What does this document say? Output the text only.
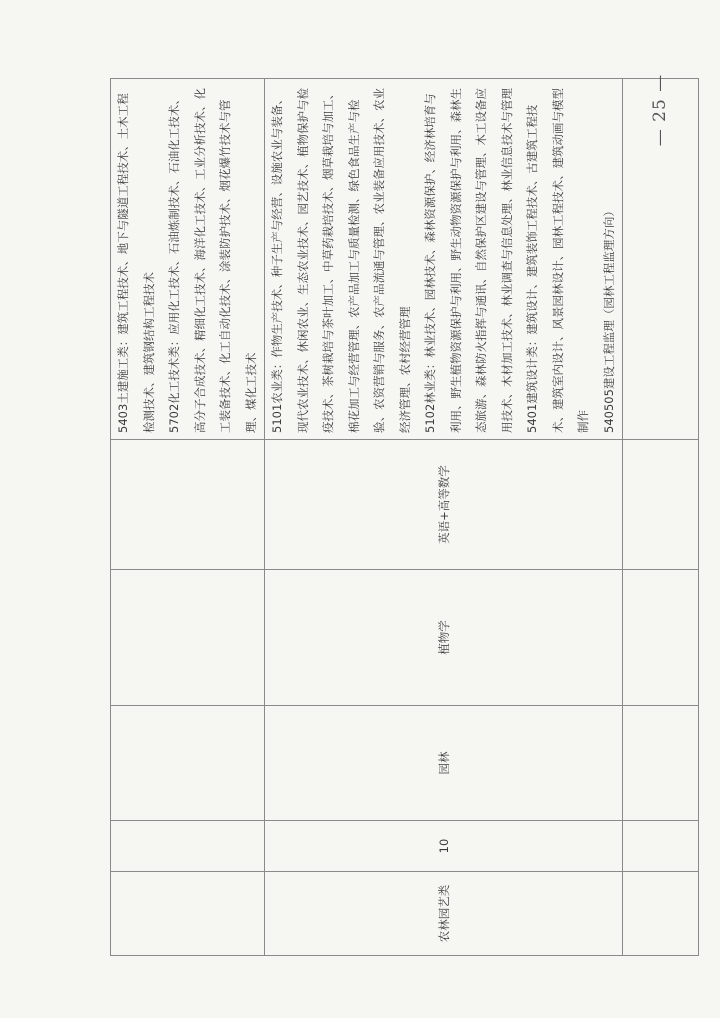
					5403土建施工类：建筑工程技术、地下与隧道工程技术、土木工程检测技术、建筑钢结构工程技术 5702化工技术类：应用化工技术、石油炼制技术、石油化工技术、高分子合成技术、精细化工技术、海洋化工技术、工业分析技术、化工装备技术、化工自动化技术、涂装防护技术、烟花爆竹技术与管理、煤化工技术

农林园艺类	10	园林	植物学	英语+高等数学	5101农业类：作物生产技术、种子生产与经营、设施农业与装备、现代农业技术、休闲农业、生态农业技术、园艺技术、植物保护与检疫技术、茶树栽培与茶叶加工、中草药栽培技术、烟草栽培与加工、棉花加工与经营管理、农产品加工与质量检测、绿色食品生产与检验、农资营销与服务、农产品流通与管理、农业装备应用技术、农业经济管理、农村经营管理 5102林业类：林业技术、园林技术、森林资源保护、经济林培育与利用、野生植物资源保护与利用、野生动物资源保护与利用、森林生态旅游、森林防火指挥与通讯、自然保护区建设与管理、木工设备应用技术、木材加工技术、林业调查与信息处理、林业信息技术与管理 5401建筑设计类：建筑设计、建筑装饰工程技术、古建筑工程技术、建筑室内设计、风景园林设计、园林工程技术、建筑动画与模型制作 540505建设工程监理（园林工程监理方向）

— 25 —
